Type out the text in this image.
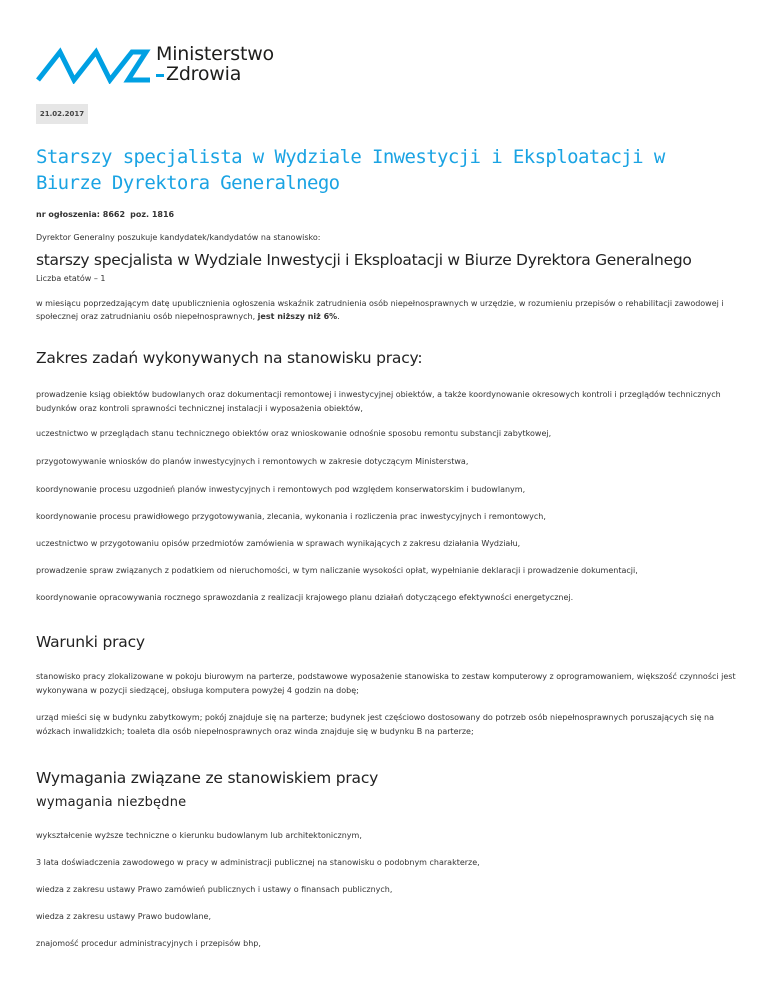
Ministerstwo
Zdrowia
21.02.2017
Starszy specjalista w Wydziale Inwestycji i Eksploatacji w Biurze Dyrektora Generalnego

nr ogłoszenia: 8662 poz. 1816

Dyrektor Generalny poszukuje kandydatek/kandydatów na stanowisko:

starszy specjalista w Wydziale Inwestycji i Eksploatacji w Biurze Dyrektora Generalnego

Liczba etatów – 1

w miesiącu poprzedzającym datę upublicznienia ogłoszenia wskaźnik zatrudnienia osób niepełnosprawnych w urzędzie, w rozumieniu przepisów o rehabilitacji zawodowej i społecznej oraz zatrudnianiu osób niepełnosprawnych, jest niższy niż 6%.

Zakres zadań wykonywanych na stanowisku pracy:

prowadzenie ksiąg obiektów budowlanych oraz dokumentacji remontowej i inwestycyjnej obiektów, a także koordynowanie okresowych kontroli i przeglądów technicznych budynków oraz kontroli sprawności technicznej instalacji i wyposażenia obiektów,

uczestnictwo w przeglądach stanu technicznego obiektów oraz wnioskowanie odnośnie sposobu remontu substancji zabytkowej,

przygotowywanie wniosków do planów inwestycyjnych i remontowych w zakresie dotyczącym Ministerstwa,

koordynowanie procesu uzgodnień planów inwestycyjnych i remontowych pod względem konserwatorskim i budowlanym,

koordynowanie procesu prawidłowego przygotowywania, zlecania, wykonania i rozliczenia prac inwestycyjnych i remontowych,

uczestnictwo w przygotowaniu opisów przedmiotów zamówienia w sprawach wynikających z zakresu działania Wydziału,

prowadzenie spraw związanych z podatkiem od nieruchomości, w tym naliczanie wysokości opłat, wypełnianie deklaracji i prowadzenie dokumentacji,

koordynowanie opracowywania rocznego sprawozdania z realizacji krajowego planu działań dotyczącego efektywności energetycznej.

Warunki pracy

stanowisko pracy zlokalizowane w pokoju biurowym na parterze, podstawowe wyposażenie stanowiska to zestaw komputerowy z oprogramowaniem, większość czynności jest wykonywana w pozycji siedzącej, obsługa komputera powyżej 4 godzin na dobę;

urząd mieści się w budynku zabytkowym; pokój znajduje się na parterze; budynek jest częściowo dostosowany do potrzeb osób niepełnosprawnych poruszających się na wózkach inwalidzkich; toaleta dla osób niepełnosprawnych oraz winda znajduje się w budynku B na parterze;

Wymagania związane ze stanowiskiem pracy
wymagania niezbędne

wykształcenie wyższe techniczne o kierunku budowlanym lub architektonicznym,

3 lata doświadczenia zawodowego w pracy w administracji publicznej na stanowisku o podobnym charakterze,

wiedza z zakresu ustawy Prawo zamówień publicznych i ustawy o finansach publicznych,

wiedza z zakresu ustawy Prawo budowlane,

znajomość procedur administracyjnych i przepisów bhp,
